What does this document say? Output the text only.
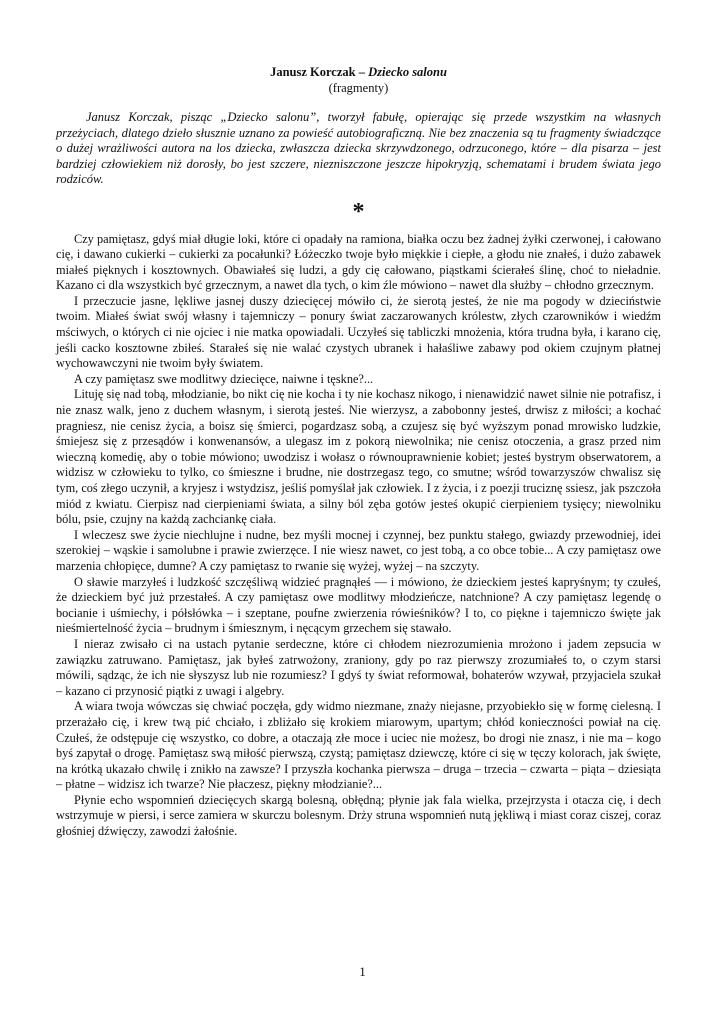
Janusz Korczak – Dziecko salonu
(fragmenty)

Janusz Korczak, pisząc „Dziecko salonu”, tworzył fabułę, opierając się przede wszystkim na własnych przeżyciach, dlatego dzieło słusznie uznano za powieść autobiograficzną. Nie bez znaczenia są tu fragmenty świadczące o dużej wrażliwości autora na los dziecka, zwłaszcza dziecka skrzywdzonego, odrzuconego, które – dla pisarza – jest bardziej człowiekiem niż dorosły, bo jest szczere, niezniszczone jeszcze hipokryzją, schematami i brudem świata jego rodziców.

*

Czy pamiętasz, gdyś miał długie loki, które ci opadały na ramiona, białka oczu bez żadnej żyłki czerwonej, i całowano cię, i dawano cukierki – cukierki za pocałunki? Łóżeczko twoje było miękkie i ciepłe, a głodu nie znałeś, i dużo zabawek miałeś pięknych i kosztownych. Obawiałeś się ludzi, a gdy cię całowano, piąstkami ścierałeś ślinę, choć to nieładnie. Kazano ci dla wszystkich być grzecznym, a nawet dla tych, o kim źle mówiono – nawet dla służby – chłodno grzecznym.

I przeczucie jasne, lękliwe jasnej duszy dziecięcej mówiło ci, że sierotą jesteś, że nie ma pogody w dzieciństwie twoim. Miałeś świat swój własny i tajemniczy – ponury świat zaczarowanych królestw, złych czarowników i wiedźm mściwych, o których ci nie ojciec i nie matka opowiadali. Uczyłeś się tabliczki mnożenia, która trudna była, i karano cię, jeśli cacko kosztowne zbiłeś. Starałeś się nie walać czystych ubranek i hałaśliwe zabawy pod okiem czujnym płatnej wychowawczyni nie twoim były światem.

A czy pamiętasz swe modlitwy dziecięce, naiwne i tęskne?...

Lituję się nad tobą, młodzianie, bo nikt cię nie kocha i ty nie kochasz nikogo, i nienawidzić nawet silnie nie potrafisz, i nie znasz walk, jeno z duchem własnym, i sierotą jesteś. Nie wierzysz, a zabobonny jesteś, drwisz z miłości; a kochać pragniesz, nie cenisz życia, a boisz się śmierci, pogardzasz sobą, a czujesz się być wyższym ponad mrowisko ludzkie, śmiejesz się z przesądów i konwenansów, a ulegasz im z pokorą niewolnika; nie cenisz otoczenia, a grasz przed nim wieczną komedię, aby o tobie mówiono; uwodzisz i wołasz o równouprawnienie kobiet; jesteś bystrym obserwatorem, a widzisz w człowieku to tylko, co śmieszne i brudne, nie dostrzegasz tego, co smutne; wśród towarzyszów chwalisz się tym, coś złego uczynił, a kryjesz i wstydzisz, jeśliś pomyślał jak człowiek. I z życia, i z poezji truciznę ssiesz, jak pszczoła miód z kwiatu. Cierpisz nad cierpieniami świata, a silny ból zęba gotów jesteś okupić cierpieniem tysięcy; niewolniku bólu, psie, czujny na każdą zachciankę ciała.

I wleczesz swe życie niechlujne i nudne, bez myśli mocnej i czynnej, bez punktu stałego, gwiazdy przewodniej, idei szerokiej – wąskie i samolubne i prawie zwierzęce. I nie wiesz nawet, co jest tobą, a co obce tobie... A czy pamiętasz owe marzenia chłopięce, dumne? A czy pamiętasz to rwanie się wyżej, wyżej – na szczyty.

O sławie marzyłeś i ludzkość szczęśliwą widzieć pragnąłeś — i mówiono, że dzieckiem jesteś kapryśnym; ty czułeś, że dzieckiem być już przestałeś. A czy pamiętasz owe modlitwy młodzieńcze, natchnione? A czy pamiętasz legendę o bocianie i uśmiechy, i półsłówka – i szeptane, poufne zwierzenia rówieśników? I to, co piękne i tajemniczo święte jak nieśmiertelność życia – brudnym i śmiesznym, i nęcącym grzechem się stawało.

I nieraz zwisało ci na ustach pytanie serdeczne, które ci chłodem niezrozumienia mrożono i jadem zepsucia w zawiązku zatruwano. Pamiętasz, jak byłeś zatrwożony, zraniony, gdy po raz pierwszy zrozumiałeś to, o czym starsi mówili, sądząc, że ich nie słyszysz lub nie rozumiesz? I gdyś ty świat reformował, bohaterów wzywał, przyjaciela szukał – kazano ci przynosić piątki z uwagi i algebry.

A wiara twoja wówczas się chwiać poczęła, gdy widmo niezmane, znaży niejasne, przyobiekło się w formę cielesną. I przerażało cię, i krew twą pić chciało, i zbliżało się krokiem miarowym, upartym; chłód konieczności powiał na cię. Czułeś, że odstępuje cię wszystko, co dobre, a otaczają złe moce i uciec nie możesz, bo drogi nie znasz, i nie ma – kogo byś zapytał o drogę. Pamiętasz swą miłość pierwszą, czystą; pamiętasz dziewczę, które ci się w tęczy kolorach, jak święte, na krótką ukazało chwilę i znikło na zawsze? I przyszła kochanka pierwsza – druga – trzecia – czwarta – piąta – dziesiąta – płatne – widzisz ich twarze? Nie płaczesz, piękny młodzianie?...

Płynie echo wspomnień dziecięcych skargą bolesną, obłędną; płynie jak fala wielka, przejrzysta i otacza cię, i dech wstrzymuje w piersi, i serce zamiera w skurczu bolesnym. Drży struna wspomnień nutą jękliwą i miast coraz ciszej, coraz głośniej dźwięczy, zawodzi żałośnie.

1
